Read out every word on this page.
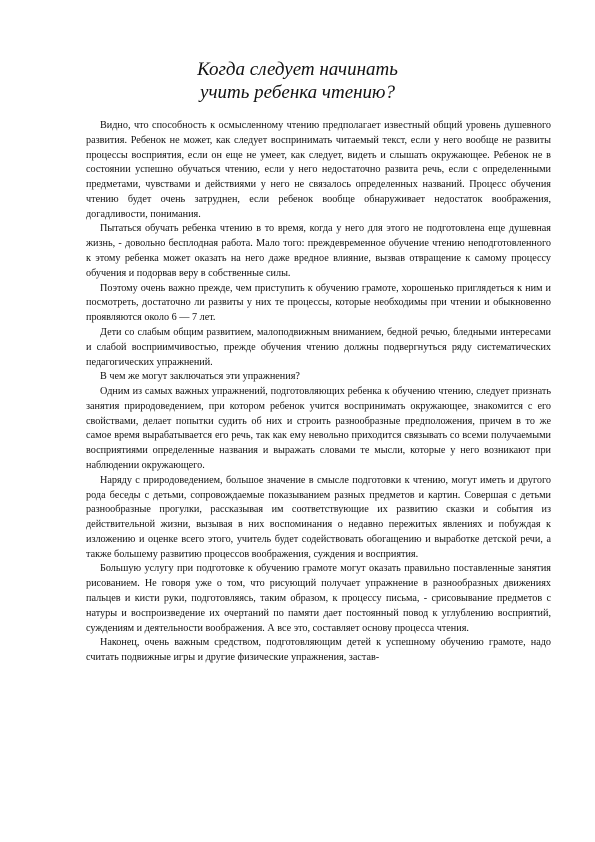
Когда следует начинать
учить ребенка чтению?

Видно, что способность к осмысленному чтению предполагает известный общий уровень душевного развития. Ребенок не может, как следует воспринимать читаемый текст, если у него вообще не развиты процессы восприятия, если он еще не умеет, как следует, видеть и слышать окружающее. Ребенок не в состоянии успешно обучаться чтению, если у него недостаточно развита речь, если с определенными предметами, чувствами и действиями у него не связалось определенных названий. Процесс обучения чтению будет очень затруднен, если ребенок вообще обнаруживает недостаток воображения, догадливости, понимания.

Пытаться обучать ребенка чтению в то время, когда у него для этого не подготовлена еще душевная жизнь, - довольно бесплодная работа. Мало того: преждевременное обучение чтению неподготовленного к этому ребенка может оказать на него даже вредное влияние, вызвав отвращение к самому процессу обучения и подорвав веру в собственные силы.

Поэтому очень важно прежде, чем приступить к обучению грамоте, хорошенько приглядеться к ним и посмотреть, достаточно ли развиты у них те процессы, которые необходимы при чтении и обыкновенно проявляются около 6 — 7 лет.

Дети со слабым общим развитием, малоподвижным вниманием, бедной речью, бледными интересами и слабой восприимчивостью, прежде обучения чтению должны подвергнуться ряду систематических педагогических упражнений.

В чем же могут заключаться эти упражнения?

Одним из самых важных упражнений, подготовляющих ребенка к обучению чтению, следует признать занятия природоведением, при котором ребенок учится воспринимать окружающее, знакомится с его свойствами, делает попытки судить об них и строить разнообразные предположения, причем в то же самое время вырабатывается его речь, так как ему невольно приходится связывать со всеми получаемыми восприятиями определенные названия и выражать словами те мысли, которые у него возникают при наблюдении окружающего.

Наряду с природоведением, большое значение в смысле подготовки к чтению, могут иметь и другого рода беседы с детьми, сопровождаемые показыванием разных предметов и картин. Совершая с детьми разнообразные прогулки, рассказывая им соответствующие их развитию сказки и события из действительной жизни, вызывая в них воспоминания о недавно пережитых явлениях и побуждая к изложению и оценке всего этого, учитель будет содействовать обогащению и выработке детской речи, а также большему развитию процессов воображения, суждения и восприятия.

Большую услугу при подготовке к обучению грамоте могут оказать правильно поставленные занятия рисованием. Не говоря уже о том, что рисующий получает упражнение в разнообразных движениях пальцев и кисти руки, подготовляясь, таким образом, к процессу письма, - срисовывание предметов с натуры и воспроизведение их очертаний по памяти дает постоянный повод к углублению восприятий, суждениям и деятельности воображения. А все это, составляет основу процесса чтения.

Наконец, очень важным средством, подготовляющим детей к успешному обучению грамоте, надо считать подвижные игры и другие физические упражнения, застав-
